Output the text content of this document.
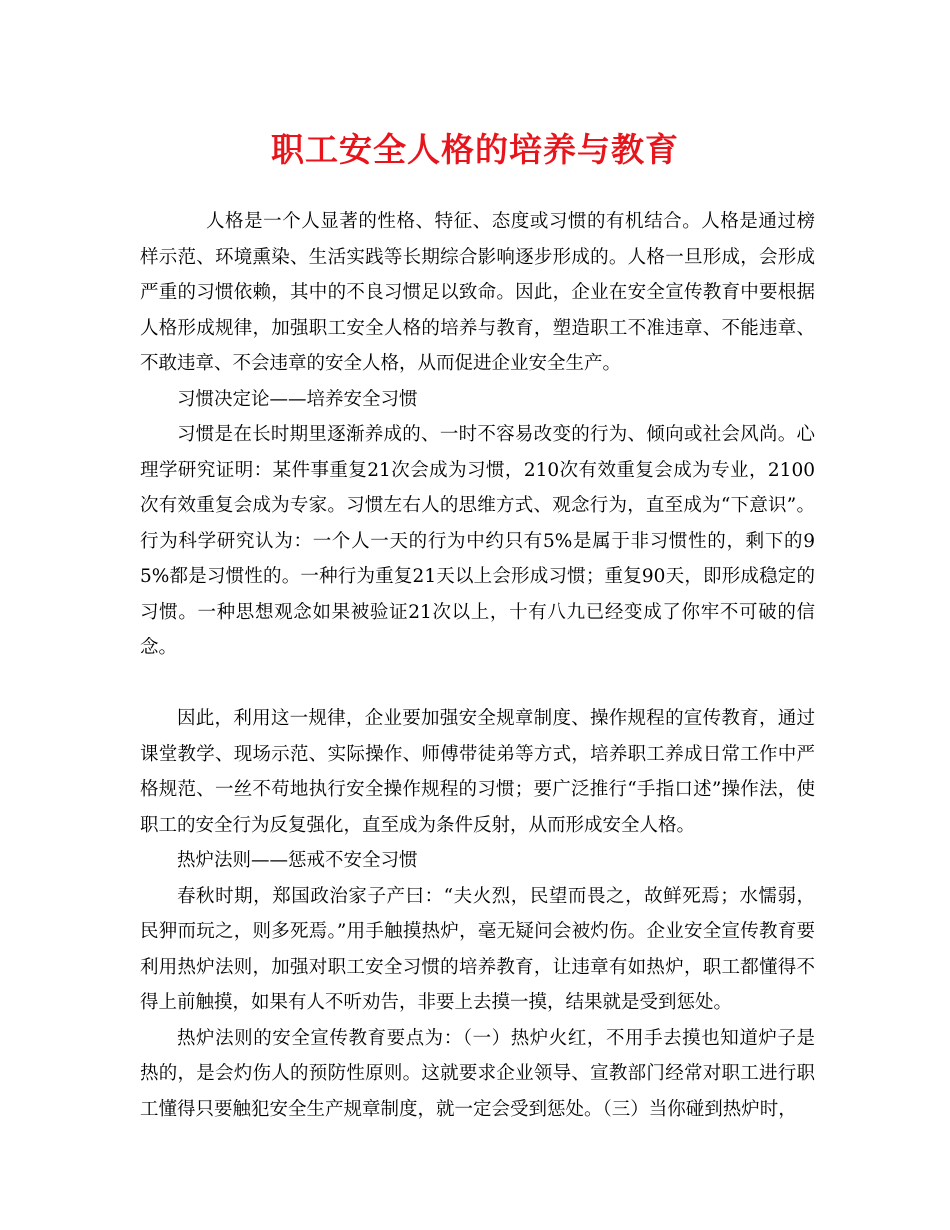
职工安全人格的培养与教育

人格是一个人显著的性格、特征、态度或习惯的有机结合。人格是通过榜样示范、环境熏染、生活实践等长期综合影响逐步形成的。人格一旦形成，会形成严重的习惯依赖，其中的不良习惯足以致命。因此，企业在安全宣传教育中要根据人格形成规律，加强职工安全人格的培养与教育，塑造职工不准违章、不能违章、不敢违章、不会违章的安全人格，从而促进企业安全生产。

习惯决定论——培养安全习惯

习惯是在长时期里逐渐养成的、一时不容易改变的行为、倾向或社会风尚。心理学研究证明：某件事重复21次会成为习惯，210次有效重复会成为专业，2100次有效重复会成为专家。习惯左右人的思维方式、观念行为，直至成为“下意识”。行为科学研究认为：一个人一天的行为中约只有5%是属于非习惯性的，剩下的95%都是习惯性的。一种行为重复21天以上会形成习惯；重复90天，即形成稳定的习惯。一种思想观念如果被验证21次以上，十有八九已经变成了你牢不可破的信念。

因此，利用这一规律，企业要加强安全规章制度、操作规程的宣传教育，通过课堂教学、现场示范、实际操作、师傅带徒弟等方式，培养职工养成日常工作中严格规范、一丝不苟地执行安全操作规程的习惯；要广泛推行“手指口述”操作法，使职工的安全行为反复强化，直至成为条件反射，从而形成安全人格。

热炉法则——惩戒不安全习惯

春秋时期，郑国政治家子产曰：“夫火烈，民望而畏之，故鲜死焉；水懦弱，民狎而玩之，则多死焉。”用手触摸热炉，毫无疑问会被灼伤。企业安全宣传教育要利用热炉法则，加强对职工安全习惯的培养教育，让违章有如热炉，职工都懂得不得上前触摸，如果有人不听劝告，非要上去摸一摸，结果就是受到惩处。

热炉法则的安全宣传教育要点为：（一）热炉火红，不用手去摸也知道炉子是热的，是会灼伤人的预防性原则。这就要求企业领导、宣教部门经常对职工进行职工懂得只要触犯安全生产规章制度，就一定会受到惩处。（三）当你碰到热炉时，
